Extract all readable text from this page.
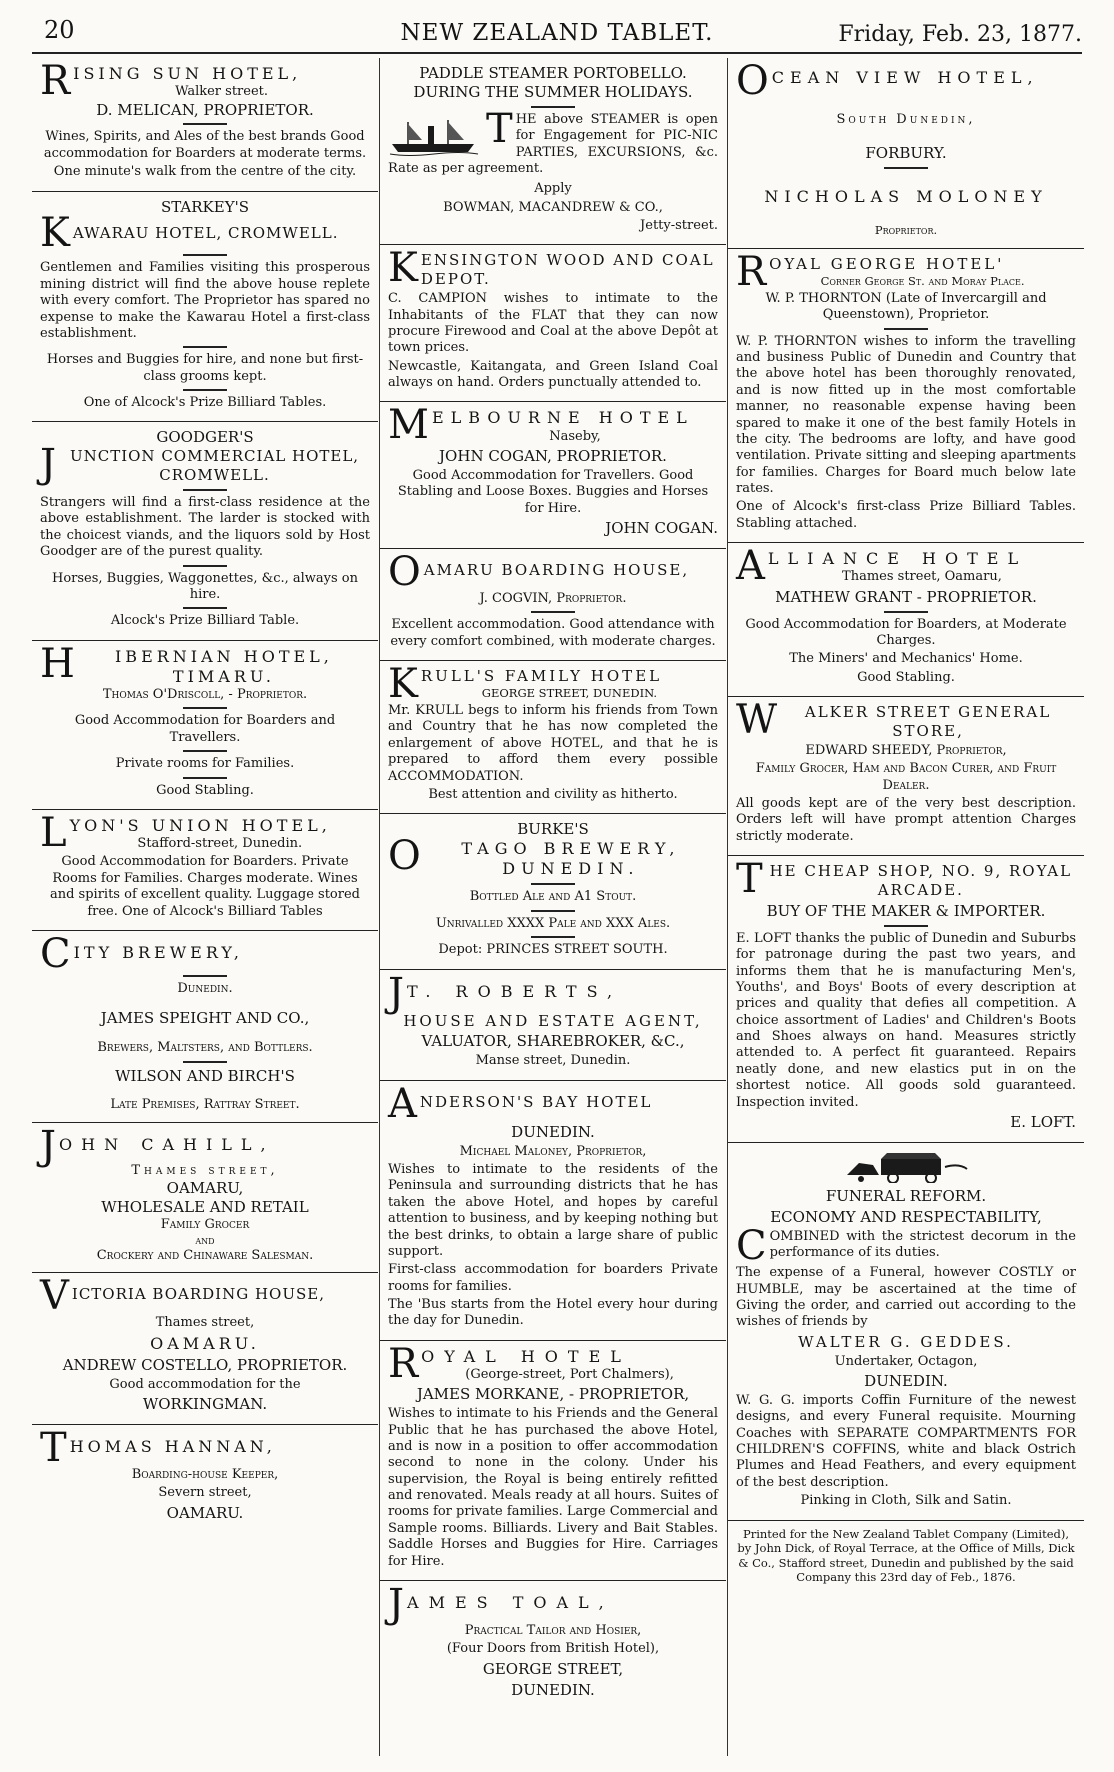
20	NEW ZEALAND TABLET.	Friday, Feb. 23, 1877.
R ISING SUN HOTEL,
Walker street.
D. MELICAN, PROPRIETOR.

Wines, Spirits, and Ales of the best brands Good accommodation for Boarders at moderate terms.

One minute's walk from the centre of the city.

STARKEY'S
K AWARAU HOTEL, CROMWELL.

Gentlemen and Families visiting this prosperous mining district will find the above house replete with every comfort. The Proprietor has spared no expense to make the Kawarau Hotel a first-class establishment.

Horses and Buggies for hire, and none but first-class grooms kept.

One of Alcock's Prize Billiard Tables.

GOODGER'S
J UNCTION COMMERCIAL HOTEL, CROMWELL.

Strangers will find a first-class residence at the above establishment. The larder is stocked with the choicest viands, and the liquors sold by Host Goodger are of the purest quality.

Horses, Buggies, Waggonettes, &c., always on hire.

Alcock's Prize Billiard Table.

H	IBERNIAN HOTEL, TIMARU.
Thomas O'Driscoll, - Proprietor.

Good Accommodation for Boarders and Travellers.

Private rooms for Families.

Good Stabling.

L YON'S UNION HOTEL,
Stafford-street, Dunedin.

Good Accommodation for Boarders. Private Rooms for Families. Charges moderate. Wines and spirits of excellent quality. Luggage stored free. One of Alcock's Billiard Tables

C ITY BREWERY,
Dunedin.
JAMES SPEIGHT AND CO.,
Brewers, Maltsters, and Bottlers.
WILSON AND BIRCH'S
Late Premises, Rattray Street.
J OHN CAHILL,
Thames street,
OAMARU,
WHOLESALE AND RETAIL
Family Grocer
and
Crockery and Chinaware Salesman.
V ICTORIA BOARDING HOUSE,

Thames street,

OAMARU.

ANDREW COSTELLO, PROPRIETOR.

Good accommodation for the

WORKINGMAN.

T HOMAS HANNAN,

Boarding-house Keeper,

Severn street,

OAMARU.

PADDLE STEAMER PORTOBELLO.
DURING THE SUMMER HOLIDAYS.
T HE above STEAMER is open for Engagement for PIC-NIC PARTIES, EXCURSIONS, &c. Rate as per agreement.

Apply

BOWMAN, MACANDREW & CO.,

Jetty-street.

K ENSINGTON WOOD AND COAL DEPOT.

C. CAMPION wishes to intimate to the Inhabitants of the FLAT that they can now procure Firewood and Coal at the above Depôt at town prices.

Newcastle, Kaitangata, and Green Island Coal always on hand. Orders punctually attended to.

M ELBOURNE HOTEL
Naseby,

JOHN COGAN, PROPRIETOR.

Good Accommodation for Travellers. Good Stabling and Loose Boxes. Buggies and Horses for Hire.

JOHN COGAN.

O AMARU BOARDING HOUSE,

J. COGVIN, Proprietor.

Excellent accommodation. Good attendance with every comfort combined, with moderate charges.

K RULL'S FAMILY HOTEL
GEORGE STREET, DUNEDIN.

Mr. KRULL begs to inform his friends from Town and Country that he has now completed the enlargement of above HOTEL, and that he is prepared to afford them every possible ACCOMMODATION.

Best attention and civility as hitherto.

BURKE'S
O	TAGO BREWERY, DUNEDIN.

Bottled Ale and A1 Stout.

Unrivalled XXXX Pale and XXX Ales.

Depot: PRINCES STREET SOUTH.

J T. ROBERTS,

HOUSE AND ESTATE AGENT,

VALUATOR, SHAREBROKER, &C.,

Manse street, Dunedin.

A NDERSON'S BAY HOTEL

DUNEDIN.

Michael Maloney, Proprietor,

Wishes to intimate to the residents of the Peninsula and surrounding districts that he has taken the above Hotel, and hopes by careful attention to business, and by keeping nothing but the best drinks, to obtain a large share of public support.

First-class accommodation for boarders Private rooms for families.

The 'Bus starts from the Hotel every hour during the day for Dunedin.

R OYAL HOTEL
(George-street, Port Chalmers),

JAMES MORKANE, - PROPRIETOR,

Wishes to intimate to his Friends and the General Public that he has purchased the above Hotel, and is now in a position to offer accommodation second to none in the colony. Under his supervision, the Royal is being entirely refitted and renovated. Meals ready at all hours. Suites of rooms for private families. Large Commercial and Sample rooms. Billiards. Livery and Bait Stables. Saddle Horses and Buggies for Hire. Carriages for Hire.

J AMES TOAL,

Practical Tailor and Hosier,

(Four Doors from British Hotel),

GEORGE STREET,

DUNEDIN.

O CEAN VIEW HOTEL,

South Dunedin,

FORBURY.

NICHOLAS MOLONEY

Proprietor.

R OYAL GEORGE HOTEL'
Corner George St. and Moray Place.

W. P. THORNTON (Late of Invercargill and Queenstown), Proprietor.

W. P. THORNTON wishes to inform the travelling and business Public of Dunedin and Country that the above hotel has been thoroughly renovated, and is now fitted up in the most comfortable manner, no reasonable expense having been spared to make it one of the best family Hotels in the city. The bedrooms are lofty, and have good ventilation. Private sitting and sleeping apartments for families. Charges for Board much below late rates.

One of Alcock's first-class Prize Billiard Tables. Stabling attached.

A LLIANCE HOTEL
Thames street, Oamaru,

MATHEW GRANT - PROPRIETOR.

Good Accommodation for Boarders, at Moderate Charges.

The Miners' and Mechanics' Home.

Good Stabling.

W	ALKER STREET GENERAL STORE,

EDWARD SHEEDY, Proprietor,

Family Grocer, Ham and Bacon Curer, and Fruit Dealer.

All goods kept are of the very best description. Orders left will have prompt attention Charges strictly moderate.

T HE CHEAP SHOP, NO. 9, ROYAL ARCADE.

BUY OF THE MAKER & IMPORTER.

E. LOFT thanks the public of Dunedin and Suburbs for patronage during the past two years, and informs them that he is manufacturing Men's, Youths', and Boys' Boots of every description at prices and quality that defies all competition. A choice assortment of Ladies' and Children's Boots and Shoes always on hand. Measures strictly attended to. A perfect fit guaranteed. Repairs neatly done, and new elastics put in on the shortest notice. All goods sold guaranteed. Inspection invited.

E. LOFT.

FUNERAL REFORM.

ECONOMY AND RESPECTABILITY,

C OMBINED with the strictest decorum in the performance of its duties.

The expense of a Funeral, however COSTLY or HUMBLE, may be ascertained at the time of Giving the order, and carried out according to the wishes of friends by

WALTER G. GEDDES.

Undertaker, Octagon,

DUNEDIN.

W. G. G. imports Coffin Furniture of the newest designs, and every Funeral requisite. Mourning Coaches with SEPARATE COMPARTMENTS FOR CHILDREN'S COFFINS, white and black Ostrich Plumes and Head Feathers, and every equipment of the best description.

Pinking in Cloth, Silk and Satin.

Printed for the New Zealand Tablet Company (Limited), by John Dick, of Royal Terrace, at the Office of Mills, Dick & Co., Stafford street, Dunedin and published by the said Company this 23rd day of Feb., 1876.
